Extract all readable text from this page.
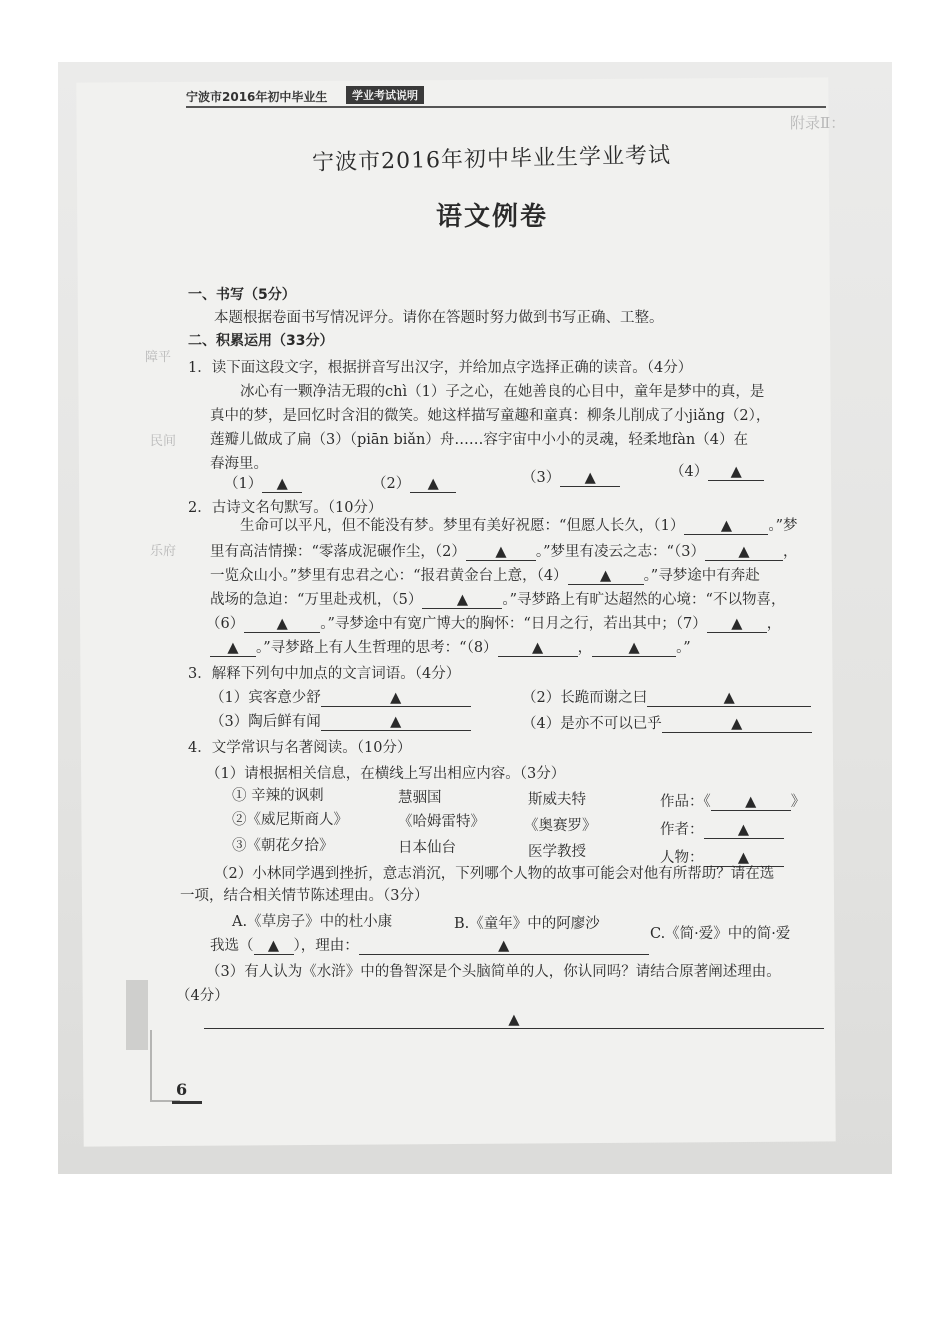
附录Ⅱ：
障平
民间
乐府
宁波市2016年初中毕业生	学业考试说明
宁波市2016年初中毕业生学业考试
语文例卷
一、书写（5分）
本题根据卷面书写情况评分。请你在答题时努力做到书写正确、工整。
二、积累运用（33分）
1．读下面这段文字，根据拼音写出汉字，并给加点字选择正确的读音。（4分）
冰心有一颗净洁无瑕的chì（1）子之心，在她善良的心目中，童年是梦中的真，是
真中的梦，是回忆时含泪的微笑。她这样描写童趣和童真：柳条儿削成了小jiǎng（2），
莲瓣儿做成了扁（3）（piān biǎn）舟……容宇宙中小小的灵魂，轻柔地fàn（4）在
春海里。
（1） ▲	（2） ▲	（3） ▲	（4） ▲
2．古诗文名句默写。（10分）
生命可以平凡，但不能没有梦。梦里有美好祝愿：“但愿人长久，（1）	▲	。”梦
里有高洁情操：“零落成泥碾作尘，（2） ▲ 。”梦里有凌云之志：“（3） ▲ ，
一览众山小。”梦里有忠君之心：“报君黄金台上意，（4） ▲ 。”寻梦途中有奔赴
战场的急迫：“万里赴戎机，（5） ▲ 。”寻梦路上有旷达超然的心境：“不以物喜，
（6） ▲ 。”寻梦途中有宽广博大的胸怀：“日月之行，若出其中；（7） ▲ ，
▲ 。”寻梦路上有人生哲理的思考：“（8） ▲ ，	▲	。”
3．解释下列句中加点的文言词语。（4分）
（1）宾客意少舒	▲	（2）长跪而谢之曰	▲
（3）陶后鲜有闻	▲	（4）是亦不可以已乎	▲
4．文学常识与名著阅读。（10分）
（1）请根据相关信息，在横线上写出相应内容。（3分）
① 辛辣的讽刺	慧骃国	斯威夫特	作品：《 ▲ 》
②《威尼斯商人》	《哈姆雷特》	《奥赛罗》	作者： ▲
③《朝花夕拾》	日本仙台	医学教授	人物： ▲
（2）小林同学遇到挫折，意志消沉，下列哪个人物的故事可能会对他有所帮助？请在选
一项，结合相关情节陈述理由。（3分）
A.《草房子》中的杜小康	B.《童年》中的阿廖沙
C.《简·爱》中的简·爱
我选（ ▲ ），理由：	▲
（3）有人认为《水浒》中的鲁智深是个头脑简单的人，你认同吗？请结合原著阐述理由。
（4分）
▲
6
